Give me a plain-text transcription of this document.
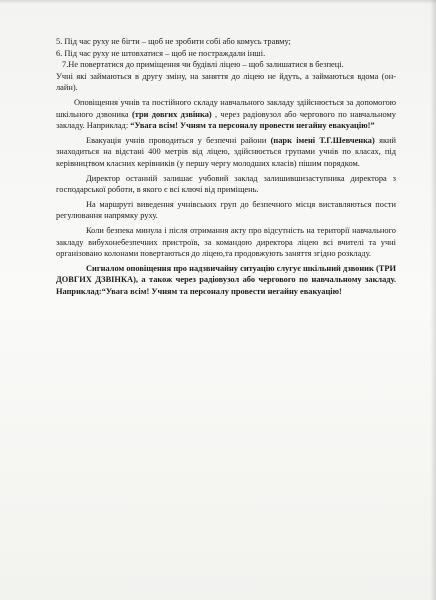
5. Під час руху не бігти – щоб не зробити собі або комусь травму;

6. Під час руху не штовхатися – щоб не постраждали інші.

7.Не повертатися до приміщення чи будівлі ліцею – щоб залишатися в безпеці.

Учні які займаються в другу зміну, на заняття до ліцею не йдуть, а займаються вдома (он- лайн).

Оповіщення учнів та постійного складу навчального закладу здійснюється за допомогою шкільного дзвоника (три довгих дзвінка) , через радіовузол або чергового по навчальному закладу. Наприклад: “Увага всім! Учням та персоналу провести негайну евакуацію!”

Евакуація учнів проводиться у безпечні райони (парк імені Т.Г.Шевченка) який знаходиться на відстані 400 метрів від ліцею, здійснюється групами учнів по класах, під керівництвом класних керівників (у першу чергу молодших класів) пішим порядком.

Директор останній залишає учбовий заклад залишившизаступника директора з господарської роботи, в якого є всі ключі від приміщень.

На маршруті виведення учнівських груп до безпечного місця виставляються пости регулювання напрямку руху.

Коли безпека минула і після отримання акту про відсутність на території навчального закладу вибухонебезпечних пристроїв, за командою директора ліцею всі вчителі та учні організовано колонами повертаються до ліцею,та продовжують заняття згідно розкладу.

Сигналом оповіщення про надзвичайну ситуацію слугує шкільний дзвоник (ТРИ ДОВГИХ ДЗВІНКА), а також через радіовузол або чергового по навчальному закладу. Наприклад:“Увага всім! Учням та персоналу провести негайну евакуацію!
